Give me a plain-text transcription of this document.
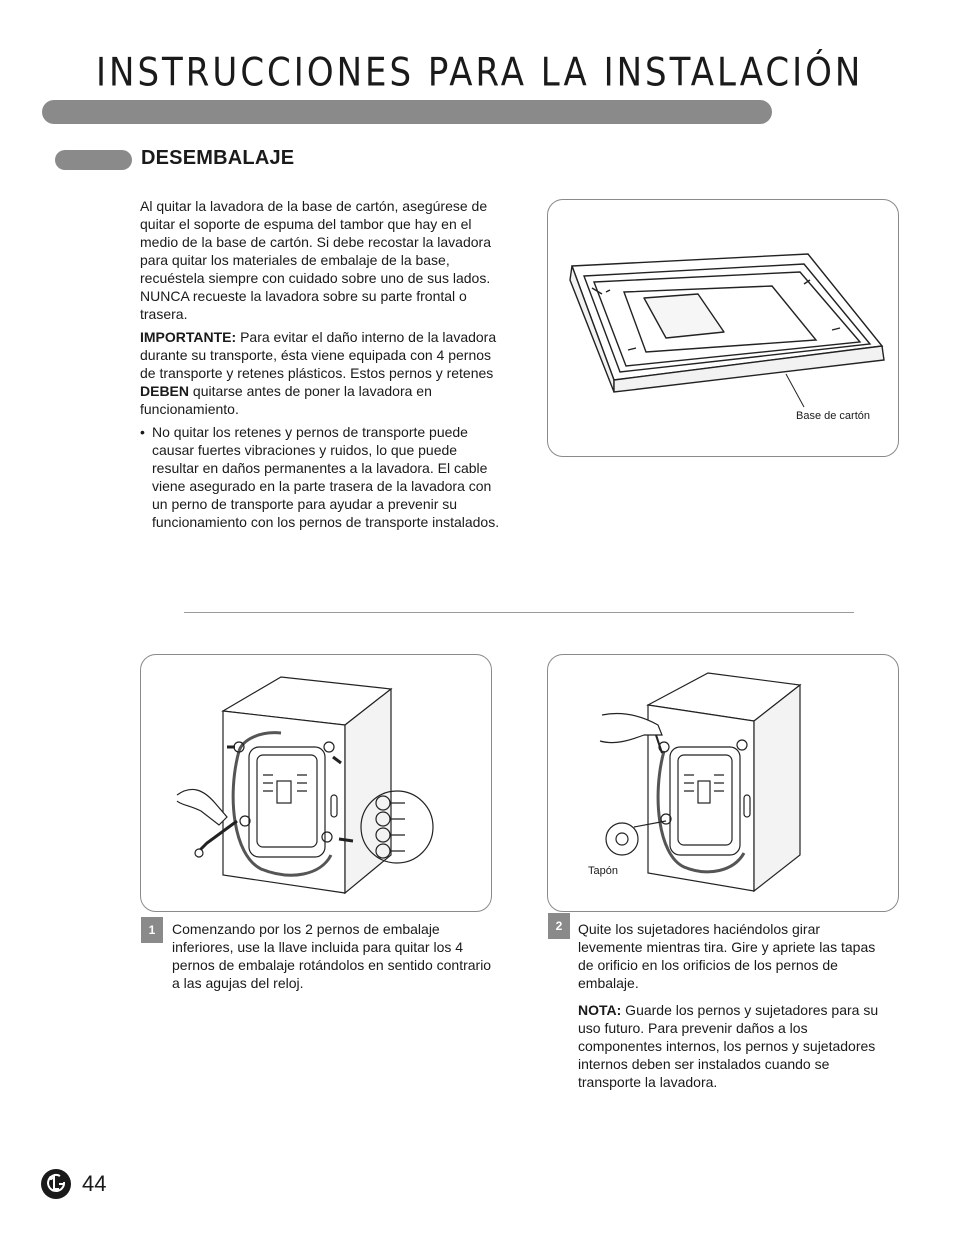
INSTRUCCIONES PARA LA INSTALACIÓN
DESEMBALAJE

Al quitar la lavadora de la base de cartón, asegúrese de quitar el soporte de espuma del tambor que hay en el medio de la base de cartón. Si debe recostar la lavadora para quitar los materiales de embalaje de la base, recuéstela siempre con cuidado sobre uno de sus lados. NUNCA recueste la lavadora sobre su parte frontal o trasera.

IMPORTANTE: Para evitar el daño interno de la lavadora durante su transporte, ésta viene equipada con 4 pernos de transporte y retenes plásticos. Estos pernos y retenes DEBEN quitarse antes de poner la lavadora en funcionamiento.

• No quitar los retenes y pernos de transporte puede causar fuertes vibraciones y ruidos, lo que puede resultar en daños permanentes a la lavadora. El cable viene asegurado en la parte trasera de la lavadora con un perno de transporte para ayudar a prevenir su funcionamiento con los pernos de transporte instalados.
Base de cartón
1	Comenzando por los 2 pernos de embalaje inferiores, use la llave incluida para quitar los 4 pernos de embalaje rotándolos en sentido contrario a las agujas del reloj.

Tapón
2	Quite los sujetadores haciéndolos girar levemente mientras tira. Gire y apriete las tapas de orificio en los orificios de los pernos de embalaje.

NOTA: Guarde los pernos y sujetadores para su uso futuro. Para prevenir daños a los componentes internos, los pernos y sujetadores internos deben ser instalados cuando se transporte la lavadora.

44
